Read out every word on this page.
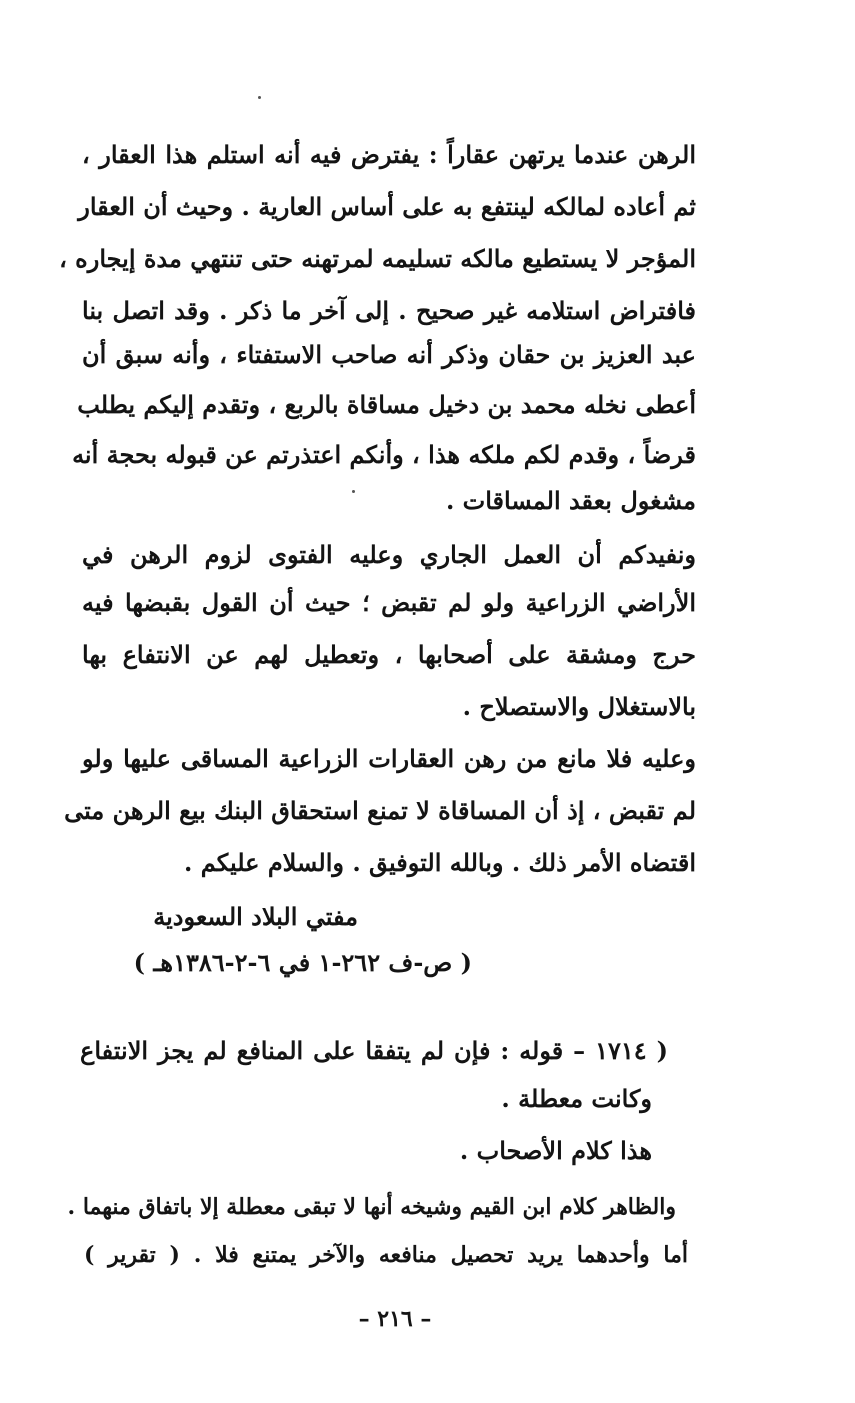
الرهن عندما يرتهن عقاراً : يفترض فيه أنه استلم هذا العقار ،
ثم أعاده لمالكه لينتفع به على أساس العارية . وحيث أن العقار
المؤجر لا يستطيع مالكه تسليمه لمرتهنه حتى تنتهي مدة إيجاره ،
فافتراض استلامه غير صحيح . إلى آخر ما ذكر . وقد اتصل بنا
عبد العزيز بن حقان وذكر أنه صاحب الاستفتاء ، وأنه سبق أن
أعطى نخله محمد بن دخيل مساقاة بالربع ، وتقدم إليكم يطلب
قرضاً ، وقدم لكم ملكه هذا ، وأنكم اعتذرتم عن قبوله بحجة أنه
مشغول بعقد المساقات .
ونفيدكم أن العمل الجاري وعليه الفتوى لزوم الرهن في
الأراضي الزراعية ولو لم تقبض ؛ حيث أن القول بقبضها فيه
حرج ومشقة على أصحابها ، وتعطيل لهم عن الانتفاع بها
بالاستغلال والاستصلاح .
وعليه فلا مانع من رهن العقارات الزراعية المساقى عليها ولو
لم تقبض ، إذ أن المساقاة لا تمنع استحقاق البنك بيع الرهن متى
اقتضاه الأمر ذلك . وبالله التوفيق . والسلام عليكم .
مفتي البلاد السعودية
( ص-ف ٢٦٢-١ في ٦-٢-١٣٨٦هـ )
( ١٧١٤ – قوله : فإن لم يتفقا على المنافع لم يجز الانتفاع
وكانت معطلة .
هذا كلام الأصحاب .
والظاهر كلام ابن القيم وشيخه أنها لا تبقى معطلة إلا باتفاق منهما .
أما وأحدهما يريد تحصيل منافعه والآخر يمتنع فلا . ( تقرير )
– ٢١٦ –
